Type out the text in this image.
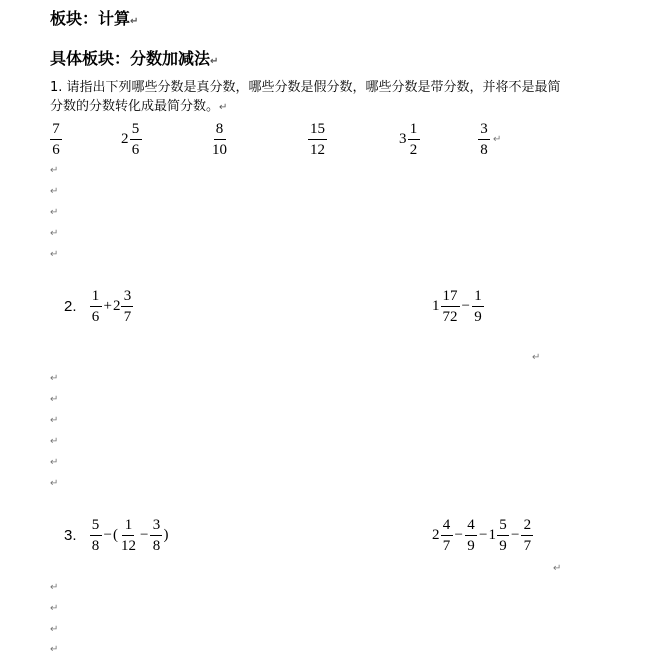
板块：计算↵
具体板块：分数加减法↵
1. 请指出下列哪些分数是真分数，哪些分数是假分数，哪些分数是带分数，并将不是最简
分数的分数转化成最简分数。↵
$\frac{7}{6}$	$2 \frac{5}{6}$	$\frac{8}{10}$	$\frac{15}{12}$	$3 \frac{1}{2}$	$\frac{3}{8}$ ↵
↵
↵
↵
↵
↵
2. $\frac{1}{6} + 2 \frac{3}{7}$	$1 \frac{17}{72} - \frac{1}{9}$
↵
↵
↵
↵
↵
↵
↵
3. $\frac{5}{8}$ − ( $\frac{1}{12} - \frac{3}{8}$ )	$2 \frac{4}{7} - \frac{4}{9} - 1 \frac{5}{9} - \frac{2}{7}$
↵
↵
↵
↵
↵
